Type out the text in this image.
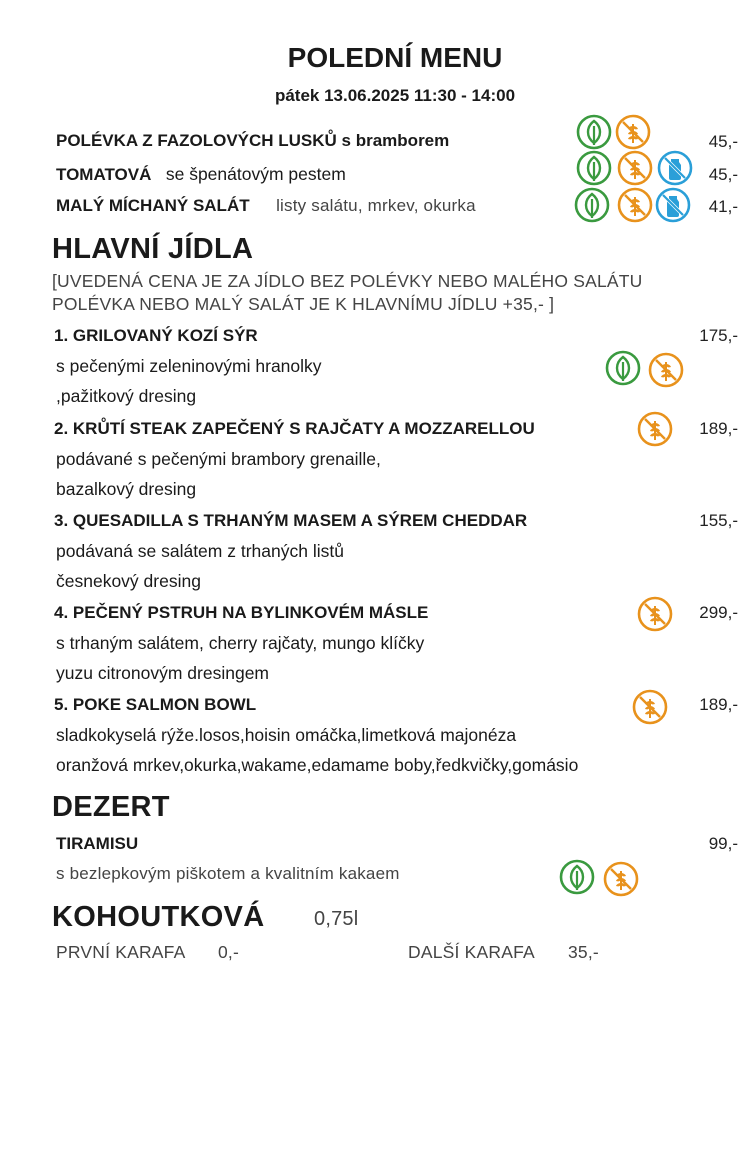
POLEDNÍ MENU
pátek 13.06.2025 11:30 - 14:00
POLÉVKA Z FAZOLOVÝCH LUSKŮ s bramborem	45,-
TOMATOVÁ se špenátovým pestem	45,-
MALÝ MÍCHANÝ SALÁT listy salátu, mrkev, okurka	41,-
HLAVNÍ JÍDLA
[UVEDENÁ CENA JE ZA JÍDLO BEZ POLÉVKY NEBO MALÉHO SALÁTU
POLÉVKA NEBO MALÝ SALÁT JE K HLAVNÍMU JÍDLU +35,- ]
1. GRILOVANÝ KOZÍ SÝR	175,-
s pečenými zeleninovými hranolky
,pažitkový dresing
2. KRŮTÍ STEAK ZAPEČENÝ S RAJČATY A MOZZARELLOU	189,-
podávané s pečenými brambory grenaille,
bazalkový dresing
3. QUESADILLA S TRHANÝM MASEM A SÝREM CHEDDAR	155,-
podávaná se salátem z trhaných listů
česnekový dresing
4. PEČENÝ PSTRUH NA BYLINKOVÉM MÁSLE	299,-
s trhaným salátem, cherry rajčaty, mungo klíčky
yuzu citronovým dresingem
5. POKE SALMON BOWL	189,-
sladkokyselá rýže.losos,hoisin omáčka,limetková majonéza
oranžová mrkev,okurka,wakame,edamame boby,ředkvičky,gomásio
DEZERT
TIRAMISU	99,-
s bezlepkovým piškotem a kvalitním kakaem
KOHOUTKOVÁ 0,75l
PRVNÍ KARAFA 0,-	DALŠÍ KARAFA 35,-
